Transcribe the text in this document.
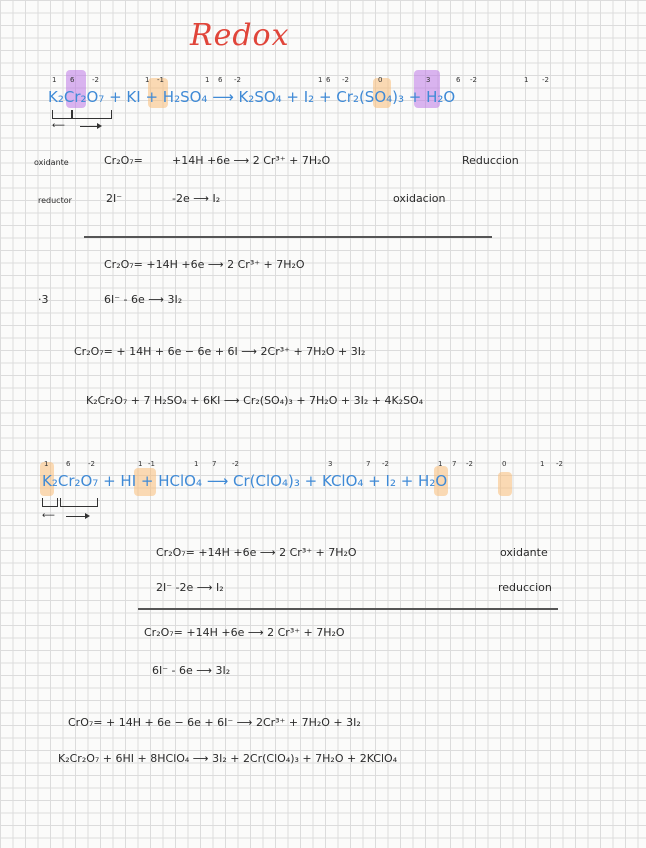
Redox
1 6	-2	1 -1	1 6 -2	1 6 -2	0	3	6 -2	1 -2
K₂Cr₂O₇ + KI + H₂SO₄ ⟶ K₂SO₄ + I₂ + Cr₂(SO₄)₃ + H₂O
⟵
oxidante	Cr₂O₇=	+14H +6e ⟶ 2 Cr³⁺ + 7H₂O	Reduccion
reductor	2I⁻	-2e ⟶ I₂	oxidacion
Cr₂O₇= +14H +6e ⟶ 2 Cr³⁺ + 7H₂O
·3	6I⁻ - 6e ⟶ 3I₂
Cr₂O₇= + 14H + 6e − 6e + 6I ⟶ 2Cr³⁺ + 7H₂O + 3I₂
K₂Cr₂O₇ + 7 H₂SO₄ + 6KI ⟶ Cr₂(SO₄)₃ + 7H₂O + 3I₂ + 4K₂SO₄
1	6	-2	1 -1	1 7 -2	3	7 -2	1 7 -2	0	1 -2
K₂Cr₂O₇ + HI + HClO₄ ⟶ Cr(ClO₄)₃ + KClO₄ + I₂ + H₂O
⟵
Cr₂O₇= +14H +6e ⟶ 2 Cr³⁺ + 7H₂O	oxidante
2I⁻ -2e ⟶ I₂	reduccion
Cr₂O₇= +14H +6e ⟶ 2 Cr³⁺ + 7H₂O
6I⁻ - 6e ⟶ 3I₂
CrO₇= + 14H + 6e − 6e + 6I⁻ ⟶ 2Cr³⁺ + 7H₂O + 3I₂
K₂Cr₂O₇ + 6HI + 8HClO₄ ⟶ 3I₂ + 2Cr(ClO₄)₃ + 7H₂O + 2KClO₄
